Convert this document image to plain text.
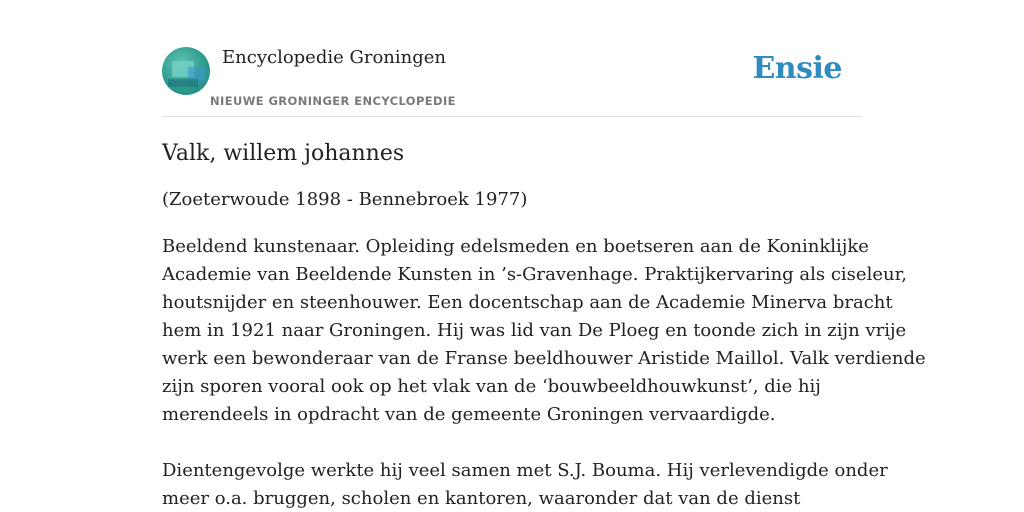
Encyclopedie Groningen
NIEUWE GRONINGER ENCYCLOPEDIE
Ensie
Valk, willem johannes

(Zoeterwoude 1898 - Bennebroek 1977)

Beeldend kunstenaar. Opleiding edelsmeden en boetseren aan de Koninklijke
Academie van Beeldende Kunsten in ’s-Gravenhage. Praktijkervaring als ciseleur,
houtsnijder en steenhouwer. Een docentschap aan de Academie Minerva bracht
hem in 1921 naar Groningen. Hij was lid van De Ploeg en toonde zich in zijn vrije
werk een bewonderaar van de Franse beeldhouwer Aristide Maillol. Valk verdiende
zijn sporen vooral ook op het vlak van de ‘bouwbeeldhouwkunst’, die hij
merendeels in opdracht van de gemeente Groningen vervaardigde.

Dientengevolge werkte hij veel samen met S.J. Bouma. Hij verlevendigde onder
meer o.a. bruggen, scholen en kantoren, waaronder dat van de dienst
